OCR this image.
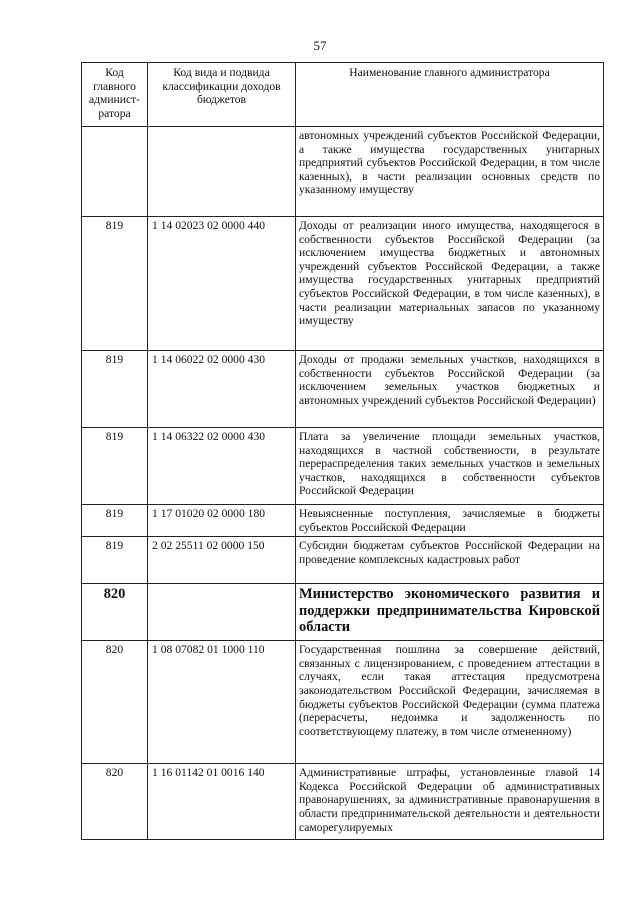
57
Код главного админист-ратора	Код вида и подвида классификации доходов бюджетов	Наименование главного администратора
		автономных учреждений субъектов Российской Федерации, а также имущества государственных унитарных предприятий субъектов Российской Федерации, в том числе казенных), в части реализации основных средств по указанному имуществу
819	1 14 02023 02 0000 440	Доходы от реализации иного имущества, находящегося в собственности субъектов Российской Федерации (за исключением имущества бюджетных и автономных учреждений субъектов Российской Федерации, а также имущества государственных унитарных предприятий субъектов Российской Федерации, в том числе казенных), в части реализации материальных запасов по указанному имуществу
819	1 14 06022 02 0000 430	Доходы от продажи земельных участков, находящихся в собственности субъектов Российской Федерации (за исключением земельных участков бюджетных и автономных учреждений субъектов Российской Федерации)
819	1 14 06322 02 0000 430	Плата за увеличение площади земельных участков, находящихся в частной собственности, в результате перераспределения таких земельных участков и земельных участков, находящихся в собственности субъектов Российской Федерации
819	1 17 01020 02 0000 180	Невыясненные поступления, зачисляемые в бюджеты субъектов Российской Федерации
819	2 02 25511 02 0000 150	Субсидии бюджетам субъектов Российской Федерации на проведение комплексных кадастровых работ
820		Министерство экономического развития и поддержки предпринимательства Кировской области
820	1 08 07082 01 1000 110	Государственная пошлина за совершение действий, связанных с лицензированием, с проведением аттестации в случаях, если такая аттестация предусмотрена законодательством Российской Федерации, зачисляемая в бюджеты субъектов Российской Федерации (сумма платежа (перерасчеты, недоимка и задолженность по соответствующему платежу, в том числе отмененному)
820	1 16 01142 01 0016 140	Административные штрафы, установленные главой 14 Кодекса Российской Федерации об административных правонарушениях, за административные правонарушения в области предпринимательской деятельности и деятельности саморегулируемых
